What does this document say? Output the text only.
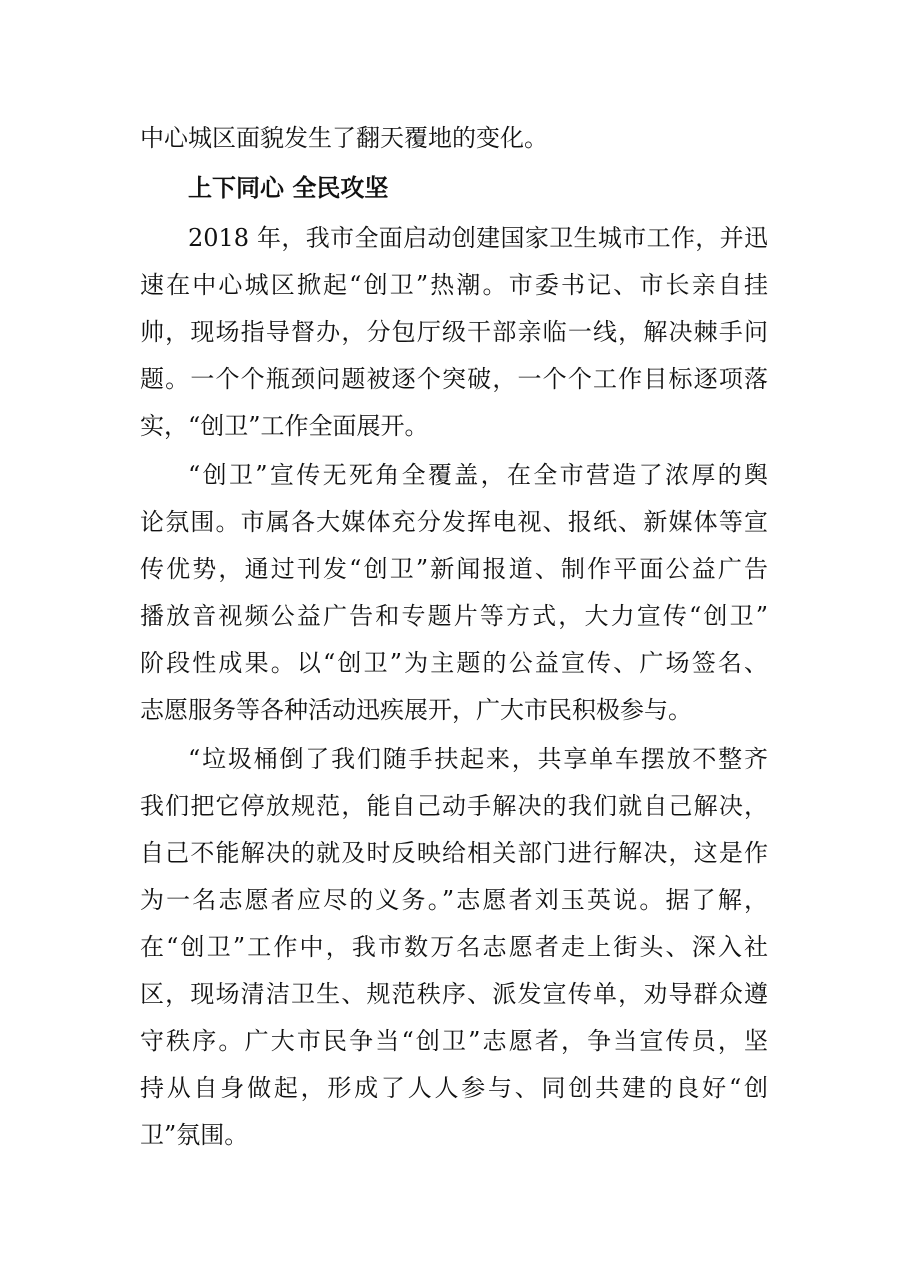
中心城区面貌发生了翻天覆地的变化。
上下同心 全民攻坚
2018 年，我市全面启动创建国家卫生城市工作，并迅
速在中心城区掀起“创卫”热潮。市委书记、市长亲自挂
帅，现场指导督办，分包厅级干部亲临一线，解决棘手问
题。一个个瓶颈问题被逐个突破，一个个工作目标逐项落
实，“创卫”工作全面展开。
“创卫”宣传无死角全覆盖，在全市营造了浓厚的舆
论氛围。市属各大媒体充分发挥电视、报纸、新媒体等宣
传优势，通过刊发“创卫”新闻报道、制作平面公益广告
播放音视频公益广告和专题片等方式，大力宣传“创卫”
阶段性成果。以“创卫”为主题的公益宣传、广场签名、
志愿服务等各种活动迅疾展开，广大市民积极参与。
“垃圾桶倒了我们随手扶起来，共享单车摆放不整齐
我们把它停放规范，能自己动手解决的我们就自己解决，
自己不能解决的就及时反映给相关部门进行解决，这是作
为一名志愿者应尽的义务。”志愿者刘玉英说。据了解，
在“创卫”工作中，我市数万名志愿者走上街头、深入社
区，现场清洁卫生、规范秩序、派发宣传单，劝导群众遵
守秩序。广大市民争当“创卫”志愿者，争当宣传员，坚
持从自身做起，形成了人人参与、同创共建的良好“创
卫”氛围。
